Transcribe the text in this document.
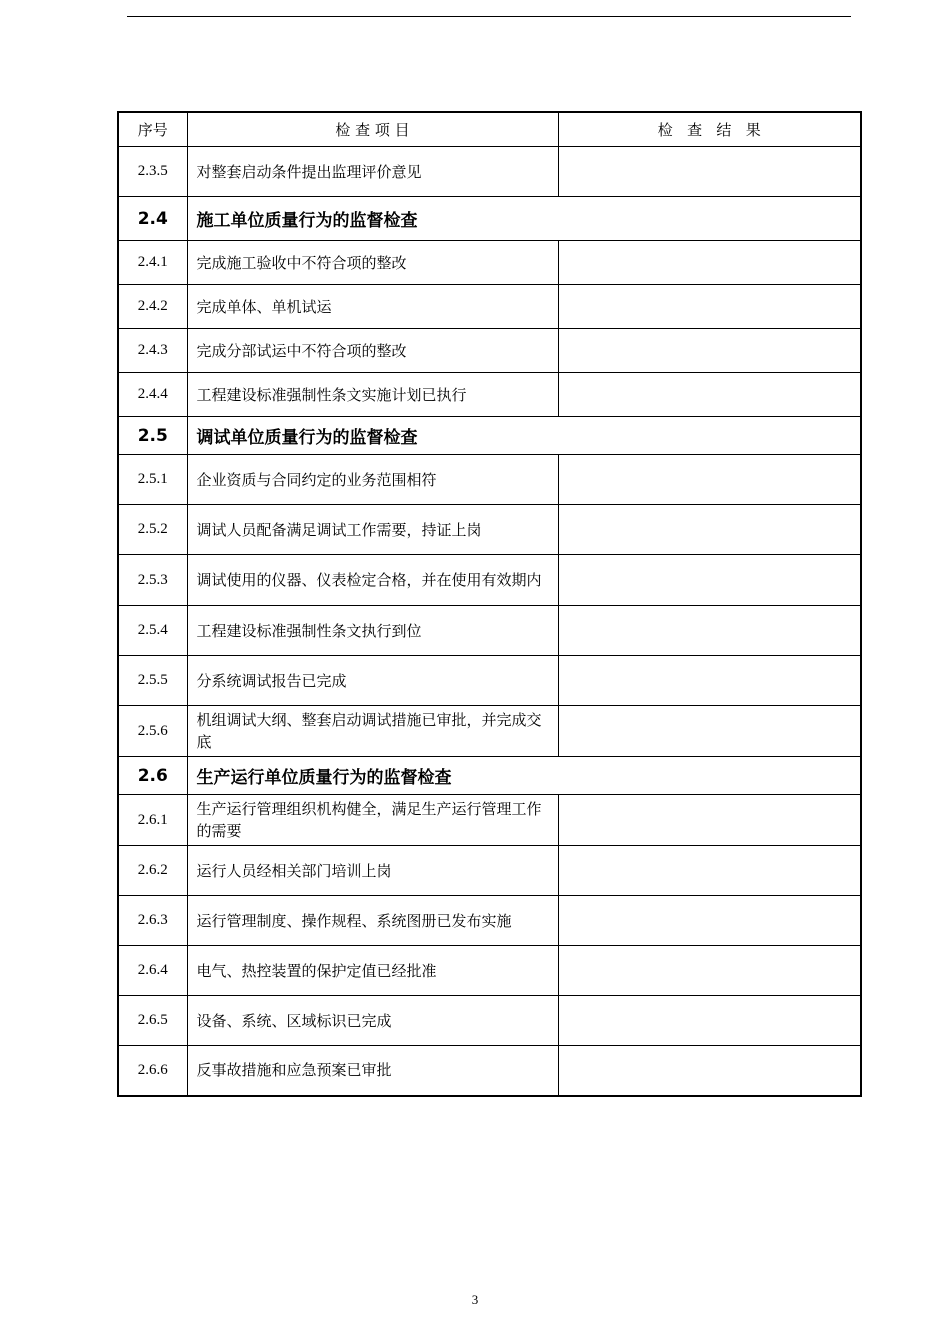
序号	检 查 项 目	检   查   结   果
2.3.5	对整套启动条件提出监理评价意见	
2.4	施工单位质量行为的监督检查	
2.4.1	完成施工验收中不符合项的整改	
2.4.2	完成单体、单机试运	
2.4.3	完成分部试运中不符合项的整改	
2.4.4	工程建设标准强制性条文实施计划已执行	
2.5	调试单位质量行为的监督检查	
2.5.1	企业资质与合同约定的业务范围相符	
2.5.2	调试人员配备满足调试工作需要，持证上岗	
2.5.3	调试使用的仪器、仪表检定合格，并在使用有效期内	
2.5.4	工程建设标准强制性条文执行到位	
2.5.5	分系统调试报告已完成	
2.5.6	机组调试大纲、整套启动调试措施已审批，并完成交底	
2.6	生产运行单位质量行为的监督检查	
2.6.1	生产运行管理组织机构健全，满足生产运行管理工作的需要	
2.6.2	运行人员经相关部门培训上岗	
2.6.3	运行管理制度、操作规程、系统图册已发布实施	
2.6.4	电气、热控装置的保护定值已经批准	
2.6.5	设备、系统、区域标识已完成	
2.6.6	反事故措施和应急预案已审批	
3
